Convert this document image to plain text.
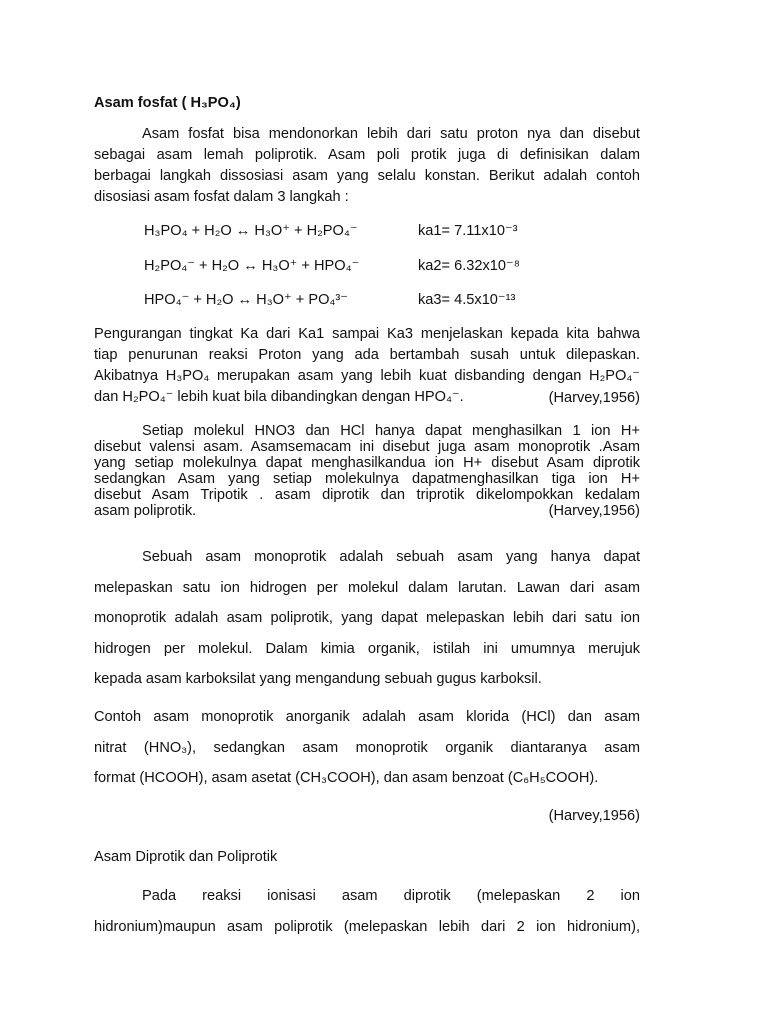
Asam fosfat ( H₃PO₄)
Asam fosfat bisa mendonorkan lebih dari satu proton nya dan disebut
sebagai asam lemah poliprotik. Asam poli protik juga di definisikan dalam
berbagai langkah dissosiasi asam yang selalu konstan. Berikut adalah contoh
disosiasi asam fosfat dalam 3 langkah :
H₃PO₄ + H₂O ↔ H₃O⁺ + H₂PO₄⁻	ka1= 7.11x10⁻³
H₂PO₄⁻ + H₂O ↔ H₃O⁺ + HPO₄⁻	ka2= 6.32x10⁻⁸
HPO₄⁻ + H₂O ↔ H₃O⁺ + PO₄³⁻	ka3= 4.5x10⁻¹³
Pengurangan tingkat Ka dari Ka1 sampai Ka3 menjelaskan kepada kita bahwa
tiap penurunan reaksi Proton yang ada bertambah susah untuk dilepaskan.
Akibatnya H₃PO₄ merupakan asam yang lebih kuat disbanding dengan H₂PO₄⁻
dan H₂PO₄⁻ lebih kuat bila dibandingkan dengan HPO₄⁻.	(Harvey,1956)
Setiap molekul HNO3 dan HCl hanya dapat menghasilkan 1 ion H+
disebut valensi asam. Asamsemacam ini disebut juga asam monoprotik .Asam
yang setiap molekulnya dapat menghasilkandua ion H+ disebut Asam diprotik
sedangkan Asam yang setiap molekulnya dapatmenghasilkan tiga ion H+
disebut Asam Tripotik . asam diprotik dan triprotik dikelompokkan kedalam
asam poliprotik.	(Harvey,1956)
Sebuah asam monoprotik adalah sebuah asam yang hanya dapat
melepaskan satu ion hidrogen per molekul dalam larutan. Lawan dari asam
monoprotik adalah asam poliprotik, yang dapat melepaskan lebih dari satu ion
hidrogen per molekul. Dalam kimia organik, istilah ini umumnya merujuk
kepada asam karboksilat yang mengandung sebuah gugus karboksil.
Contoh asam monoprotik anorganik adalah asam klorida (HCl) dan asam
nitrat (HNO₃), sedangkan asam monoprotik organik diantaranya asam
format (HCOOH), asam asetat (CH₃COOH), dan asam benzoat (C₆H₅COOH).
(Harvey,1956)
Asam Diprotik dan Poliprotik
Pada reaksi ionisasi asam diprotik (melepaskan 2 ion
hidronium)maupun asam poliprotik (melepaskan lebih dari 2 ion hidronium),
